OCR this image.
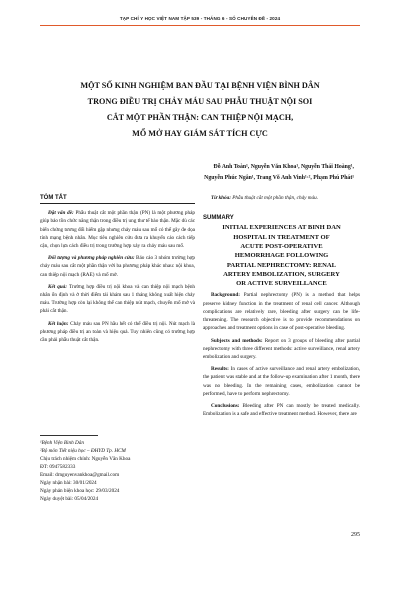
TẠP CHÍ Y HỌC VIỆT NAM TẬP 539 - THÁNG 6 - SỐ CHUYÊN ĐỀ - 2024
MỘT SỐ KINH NGHIỆM BAN ĐẦU TẠI BỆNH VIỆN BÌNH DÂN
TRONG ĐIỀU TRỊ CHẢY MÁU SAU PHẪU THUẬT NỘI SOI
CẮT MỘT PHẦN THẬN: CAN THIỆP NỘI MẠCH,
MỔ MỞ HAY GIÁM SÁT TÍCH CỰC
Đỗ Anh Toàn¹, Nguyễn Văn Khoa¹, Nguyễn Thái Hoàng¹,
Nguyễn Phúc Ngân¹, Trang Võ Anh Vinh¹·², Phạm Phú Phát¹
TÓM TẮT

Đặt vấn đề: Phẫu thuật cắt một phần thận (PN) là một phương pháp giúp bảo tồn chức năng thận trong điều trị ung thư tế bào thận. Mặc dù các biến chứng tương đối hiếm gặp nhưng chảy máu sau mổ có thể gây đe dọa tính mạng bệnh nhân. Mục tiêu nghiên cứu đưa ra khuyến cáo cách tiếp cận, chọn lựa cách điều trị trong trường hợp xảy ra chảy máu sau mổ.

Đối tượng và phương pháp nghiên cứu: Báo cáo 3 nhóm trường hợp chảy máu sau cắt một phần thận với ba phương pháp khác nhau: nội khoa, can thiệp nội mạch (RAE) và mổ mở.

Kết quả: Trường hợp điều trị nội khoa và can thiệp nội mạch bệnh nhân ổn định và ở thời điểm tái khám sau 1 tháng không xuất hiện chảy máu. Trường hợp còn lại không thể can thiệp nút mạch, chuyển mổ mở và phải cắt thận.

Kết luận: Chảy máu sau PN hầu hết có thể điều trị nội. Nút mạch là phương pháp điều trị an toàn và hiệu quả. Tuy nhiên cũng có trường hợp cần phải phẫu thuật cắt thận.

¹Bệnh Viện Bình Dân
²Bộ môn Tiết niệu học – ĐHYD Tp. HCM
Chịu trách nhiệm chính: Nguyễn Văn Khoa
ĐT: 0947582333
Email: drnguyenvankhoa@gmail.com
Ngày nhận bài: 30/01/2024
Ngày phản biện khoa học: 29/03/2024
Ngày duyệt bài: 05/04/2024

Từ khóa: Phẫu thuật cắt một phần thận, chảy máu.

SUMMARY
INITIAL EXPERIENCES AT BINH DAN
HOSPITAL IN TREATMENT OF
ACUTE POST-OPERATIVE
HEMORRHAGE FOLLOWING
PARTIAL NEPHRECTOMY: RENAL
ARTERY EMBOLIZATION, SURGERY
OR ACTIVE SURVEILLANCE

Background: Partial nephrectomy (PN) is a method that helps preserve kidney function in the treatment of renal cell cancer. Although complications are relatively rare, bleeding after surgery can be life-threatening. The research objective is to provide recommendations on approaches and treatment options in case of post-operative bleeding.

Subjects and methods: Report on 3 groups of bleeding after partial nephrectomy with three different methods: active surveillance, renal artery embolization and surgery.

Results: In cases of active surveillance and renal artery embolization, the patient was stable and at the follow-up examination after 1 month, there was no bleeding. In the remaining cases, embolization cannot be performed, have to perform nephrectomy.

Conclusions: Bleeding after PN can mostly be treated medically. Embolization is a safe and effective treatment method. However, there are

295
